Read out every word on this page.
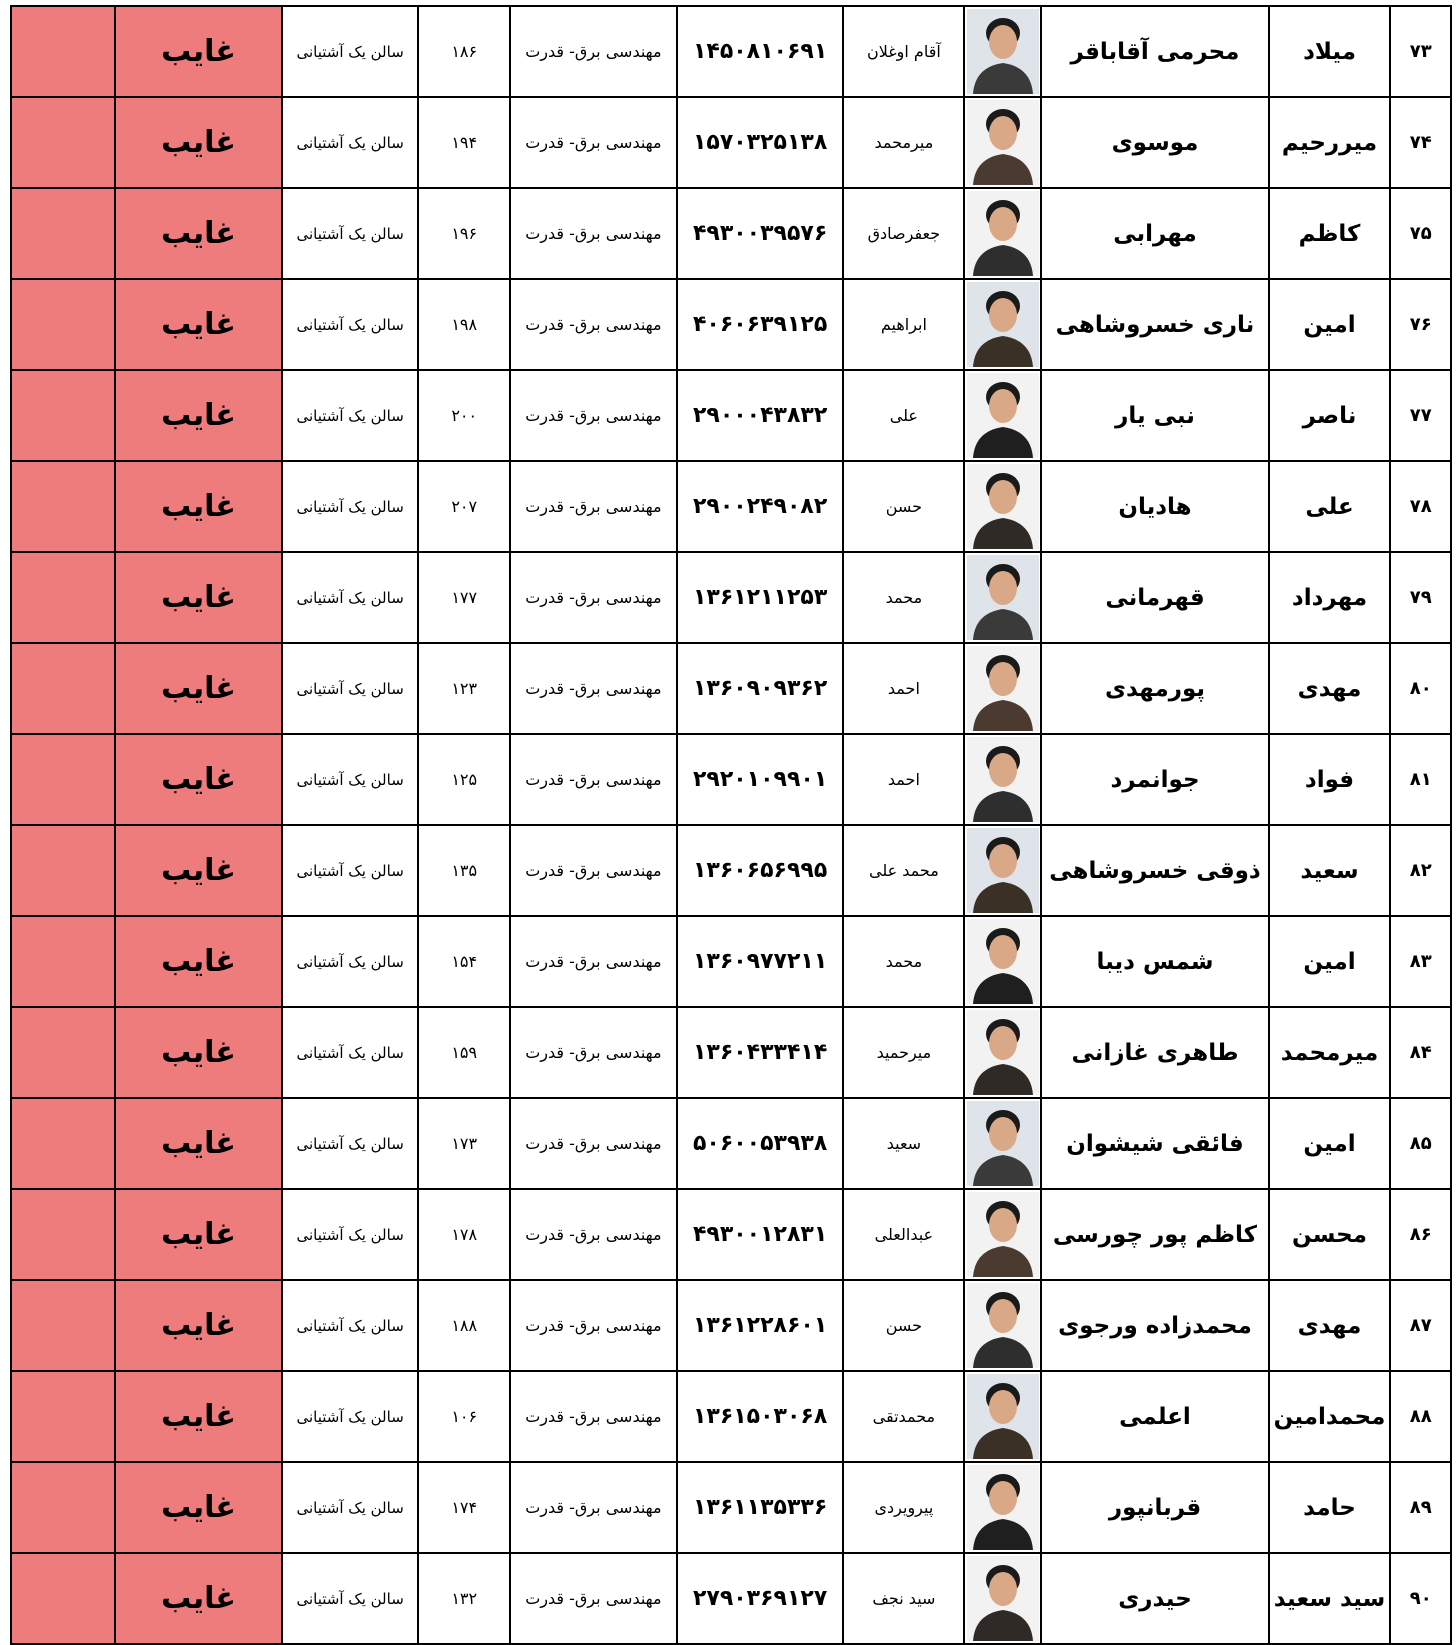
	غایب	سالن یک آشتیانی	۱۸۶	مهندسی برق- قدرت	۱۴۵۰۸۱۰۶۹۱	آقام اوغلان		محرمی آقاباقر	میلاد	۷۳
	غایب	سالن یک آشتیانی	۱۹۴	مهندسی برق- قدرت	۱۵۷۰۳۲۵۱۳۸	میرمحمد		موسوی	میررحیم	۷۴
	غایب	سالن یک آشتیانی	۱۹۶	مهندسی برق- قدرت	۴۹۳۰۰۳۹۵۷۶	جعفرصادق		مهرابی	کاظم	۷۵
	غایب	سالن یک آشتیانی	۱۹۸	مهندسی برق- قدرت	۴۰۶۰۶۳۹۱۲۵	ابراهیم		ناری خسروشاهی	امین	۷۶
	غایب	سالن یک آشتیانی	۲۰۰	مهندسی برق- قدرت	۲۹۰۰۰۴۳۸۳۲	علی		نبی یار	ناصر	۷۷
	غایب	سالن یک آشتیانی	۲۰۷	مهندسی برق- قدرت	۲۹۰۰۲۴۹۰۸۲	حسن		هادیان	علی	۷۸
	غایب	سالن یک آشتیانی	۱۷۷	مهندسی برق- قدرت	۱۳۶۱۲۱۱۲۵۳	محمد		قهرمانی	مهرداد	۷۹
	غایب	سالن یک آشتیانی	۱۲۳	مهندسی برق- قدرت	۱۳۶۰۹۰۹۳۶۲	احمد		پورمهدی	مهدی	۸۰
	غایب	سالن یک آشتیانی	۱۲۵	مهندسی برق- قدرت	۲۹۲۰۱۰۹۹۰۱	احمد		جوانمرد	فواد	۸۱
	غایب	سالن یک آشتیانی	۱۳۵	مهندسی برق- قدرت	۱۳۶۰۶۵۶۹۹۵	محمد علی		ذوقی خسروشاهی	سعید	۸۲
	غایب	سالن یک آشتیانی	۱۵۴	مهندسی برق- قدرت	۱۳۶۰۹۷۷۲۱۱	محمد		شمس دیبا	امین	۸۳
	غایب	سالن یک آشتیانی	۱۵۹	مهندسی برق- قدرت	۱۳۶۰۴۳۳۴۱۴	میرحمید		طاهری غازانی	میرمحمد	۸۴
	غایب	سالن یک آشتیانی	۱۷۳	مهندسی برق- قدرت	۵۰۶۰۰۵۳۹۳۸	سعید		فائقی شیشوان	امین	۸۵
	غایب	سالن یک آشتیانی	۱۷۸	مهندسی برق- قدرت	۴۹۳۰۰۱۲۸۳۱	عبدالعلی		کاظم پور چورسی	محسن	۸۶
	غایب	سالن یک آشتیانی	۱۸۸	مهندسی برق- قدرت	۱۳۶۱۲۲۸۶۰۱	حسن		محمدزاده ورجوی	مهدی	۸۷
	غایب	سالن یک آشتیانی	۱۰۶	مهندسی برق- قدرت	۱۳۶۱۵۰۳۰۶۸	محمدتقی		اعلمی	محمدامین	۸۸
	غایب	سالن یک آشتیانی	۱۷۴	مهندسی برق- قدرت	۱۳۶۱۱۳۵۳۳۶	پیرویردی		قربانپور	حامد	۸۹
	غایب	سالن یک آشتیانی	۱۳۲	مهندسی برق- قدرت	۲۷۹۰۳۶۹۱۲۷	سید نجف		حیدری	سید سعید	۹۰
